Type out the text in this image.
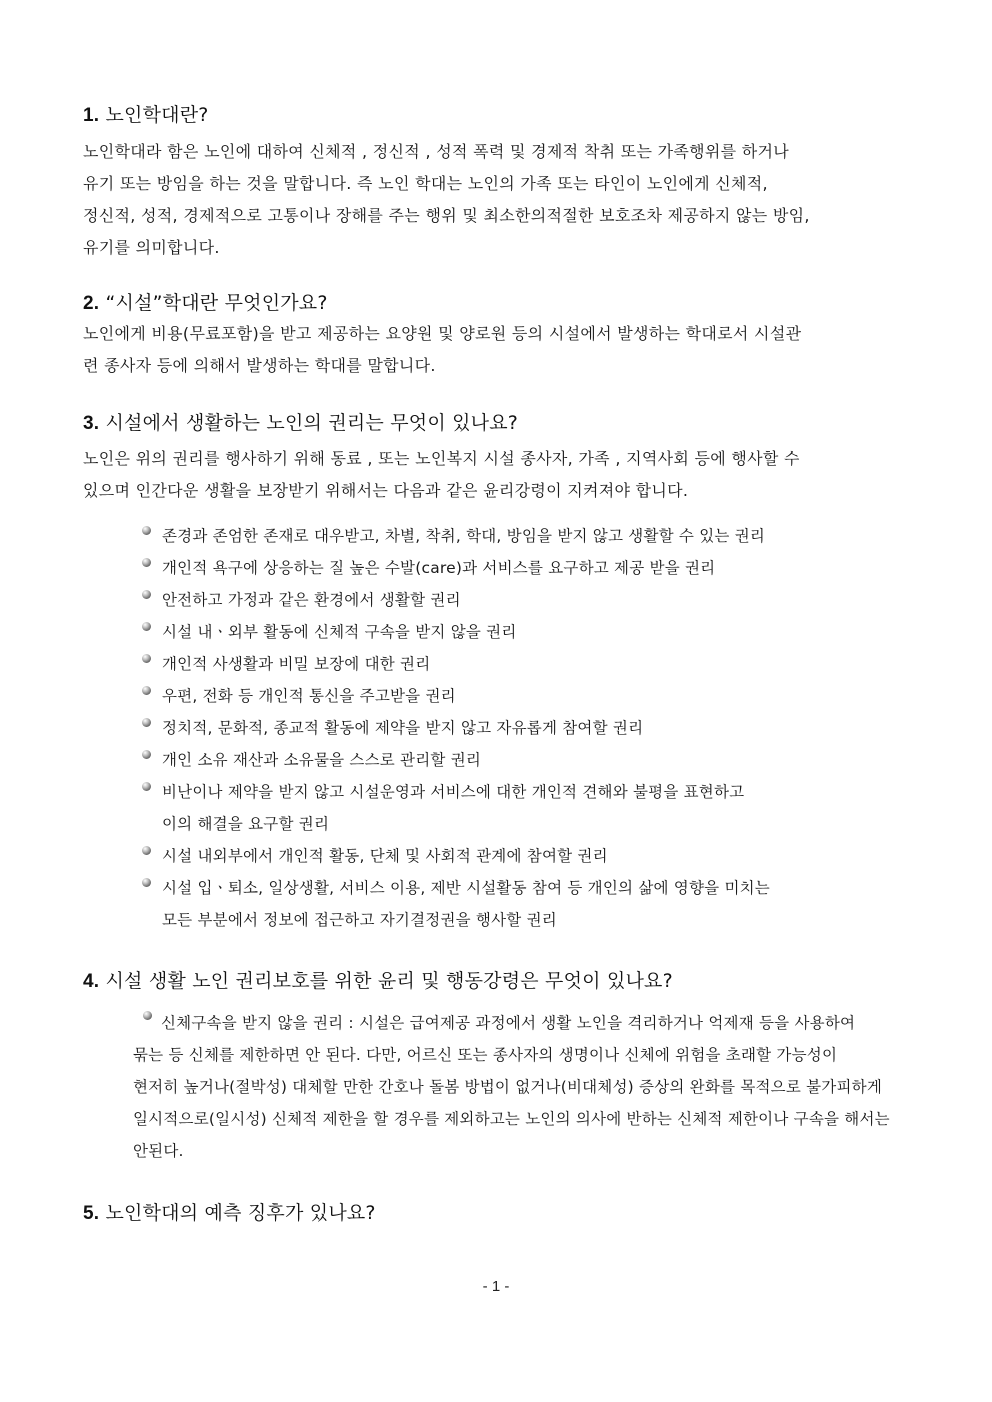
1. 노인학대란?
노인학대라 함은 노인에 대하여 신체적 , 정신적 , 성적 폭력 및 경제적 착취 또는 가족행위를 하거나
유기 또는 방임을 하는 것을 말합니다. 즉 노인 학대는 노인의 가족 또는 타인이 노인에게 신체적,
정신적, 성적, 경제적으로 고통이나 장해를 주는 행위 및 최소한의적절한 보호조차 제공하지 않는 방임,
유기를 의미합니다.
2. “시설”학대란 무엇인가요?
노인에게 비용(무료포함)을 받고 제공하는 요양원 및 양로원 등의 시설에서 발생하는 학대로서 시설관
련 종사자 등에 의해서 발생하는 학대를 말합니다.
3. 시설에서 생활하는 노인의 권리는 무엇이 있나요?
노인은 위의 권리를 행사하기 위해 동료 , 또는 노인복지 시설 종사자, 가족 , 지역사회 등에 행사할 수
있으며 인간다운 생활을 보장받기 위해서는 다음과 같은 윤리강령이 지켜져야 합니다.
존경과 존엄한 존재로 대우받고, 차별, 착취, 학대, 방임을 받지 않고 생활할 수 있는 권리
개인적 욕구에 상응하는 질 높은 수발(care)과 서비스를 요구하고 제공 받을 권리
안전하고 가정과 같은 환경에서 생활할 권리
시설 내ㆍ외부 활동에 신체적 구속을 받지 않을 권리
개인적 사생활과 비밀 보장에 대한 권리
우편, 전화 등 개인적 통신을 주고받을 권리
정치적, 문화적, 종교적 활동에 제약을 받지 않고 자유롭게 참여할 권리
개인 소유 재산과 소유물을 스스로 관리할 권리
비난이나 제약을 받지 않고 시설운영과 서비스에 대한 개인적 견해와 불평을 표현하고
이의 해결을 요구할 권리
시설 내외부에서 개인적 활동, 단체 및 사회적 관계에 참여할 권리
시설 입ㆍ퇴소, 일상생활, 서비스 이용, 제반 시설활동 참여 등 개인의 삶에 영향을 미치는
모든 부분에서 정보에 접근하고 자기결정권을 행사할 권리
4. 시설 생활 노인 권리보호를 위한 윤리 및 행동강령은 무엇이 있나요?
신체구속을 받지 않을 권리 : 시설은 급여제공 과정에서 생활 노인을 격리하거나 억제재 등을 사용하여
묶는 등 신체를 제한하면 안 된다. 다만, 어르신 또는 종사자의 생명이나 신체에 위험을 초래할 가능성이
현저히 높거나(절박성) 대체할 만한 간호나 돌봄 방법이 없거나(비대체성) 증상의 완화를 목적으로 불가피하게
일시적으로(일시성) 신체적 제한을 할 경우를 제외하고는 노인의 의사에 반하는 신체적 제한이나 구속을 해서는
안된다.
5. 노인학대의 예측 징후가 있나요?
- 1 -
